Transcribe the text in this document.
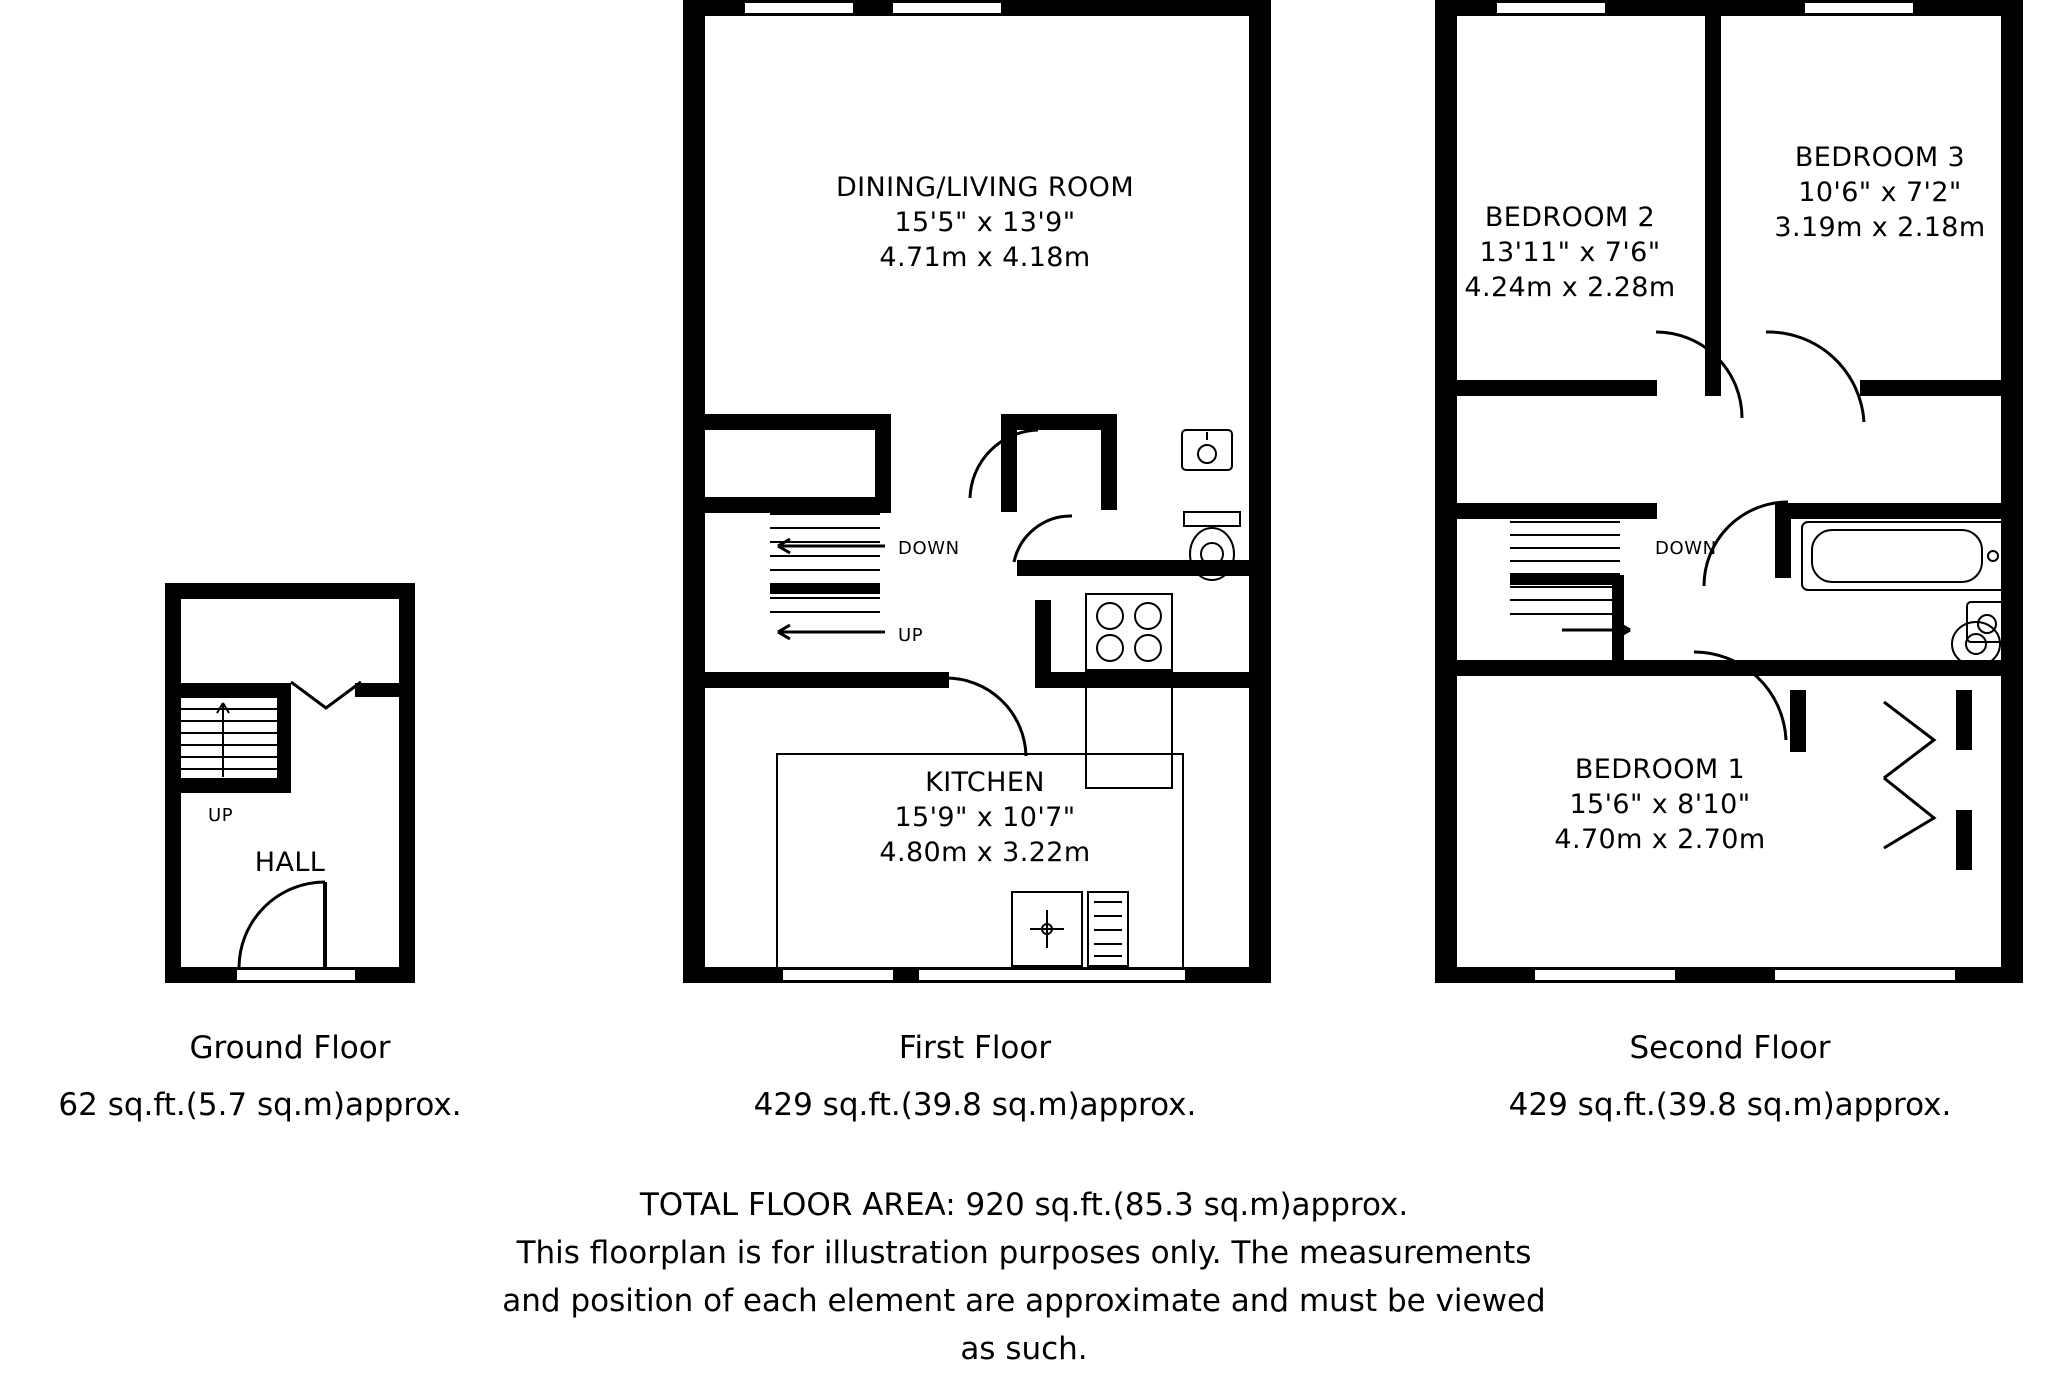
UP
HALL
Ground Floor
62 sq.ft.(5.7 sq.m)approx.
DOWN
UP
DINING/LIVING ROOM
15'5" x 13'9"
4.71m x 4.18m
KITCHEN
15'9" x 10'7"
4.80m x 3.22m
First Floor
429 sq.ft.(39.8 sq.m)approx.
DOWN
BEDROOM 2
13'11" x 7'6"
4.24m x 2.28m
BEDROOM 3
10'6" x 7'2"
3.19m x 2.18m
BEDROOM 1
15'6" x 8'10"
4.70m x 2.70m
Second Floor
429 sq.ft.(39.8 sq.m)approx.
TOTAL FLOOR AREA: 920 sq.ft.(85.3 sq.m)approx.
This floorplan is for illustration purposes only. The measurements
and position of each element are approximate and must be viewed
as such.
